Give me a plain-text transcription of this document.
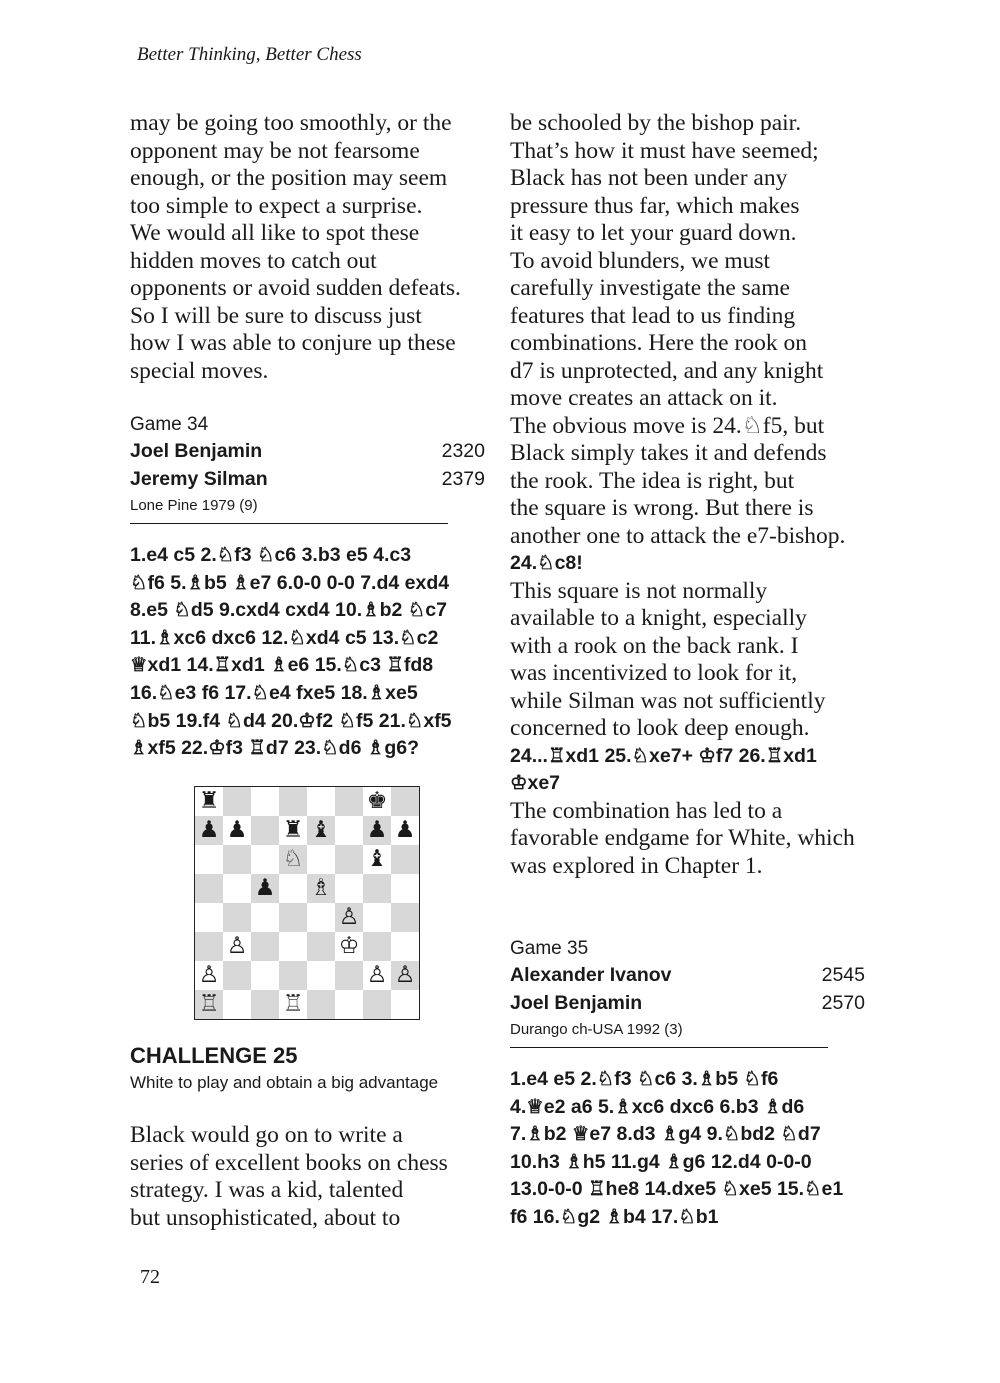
Better Thinking, Better Chess
may be going too smoothly, or the
opponent may be not fearsome
enough, or the position may seem
too simple to expect a surprise.
We would all like to spot these
hidden moves to catch out
opponents or avoid sudden defeats.
So I will be sure to discuss just
how I was able to conjure up these
special moves.
Game 34
Joel Benjamin	2320
Jeremy Silman	2379
Lone Pine 1979 (9)
1.e4 c5 2.♘f3 ♘c6 3.b3 e5 4.c3
♘f6 5.♗b5 ♗e7 6.0-0 0-0 7.d4 exd4
8.e5 ♘d5 9.cxd4 cxd4 10.♗b2 ♘c7
11.♗xc6 dxc6 12.♘xd4 c5 13.♘c2
♕xd1 14.♖xd1 ♗e6 15.♘c3 ♖fd8
16.♘e3 f6 17.♘e4 fxe5 18.♗xe5
♘b5 19.f4 ♘d4 20.♔f2 ♘f5 21.♘xf5
♗xf5 22.♔f3 ♖d7 23.♘d6 ♗g6?
♜	♚
♟ ♟ ♜ ♝ ♟ ♟
♘	♝
♟ ♗
♙
♙	♔
♙	♙ ♙
♖	♖
CHALLENGE 25
White to play and obtain a big advantage
Black would go on to write a
series of excellent books on chess
strategy. I was a kid, talented
but unsophisticated, about to
be schooled by the bishop pair.
That’s how it must have seemed;
Black has not been under any
pressure thus far, which makes
it easy to let your guard down.
To avoid blunders, we must
carefully investigate the same
features that lead to us finding
combinations. Here the rook on
d7 is unprotected, and any knight
move creates an attack on it.
The obvious move is 24.♘f5, but
Black simply takes it and defends
the rook. The idea is right, but
the square is wrong. But there is
another one to attack the e7-bishop.
24.♘c8!
This square is not normally
available to a knight, especially
with a rook on the back rank. I
was incentivized to look for it,
while Silman was not sufficiently
concerned to look deep enough.
24...♖xd1 25.♘xe7+ ♔f7 26.♖xd1
♔xe7
The combination has led to a
favorable endgame for White, which
was explored in Chapter 1.
Game 35
Alexander Ivanov	2545
Joel Benjamin	2570
Durango ch-USA 1992 (3)
1.e4 e5 2.♘f3 ♘c6 3.♗b5 ♘f6
4.♕e2 a6 5.♗xc6 dxc6 6.b3 ♗d6
7.♗b2 ♕e7 8.d3 ♗g4 9.♘bd2 ♘d7
10.h3 ♗h5 11.g4 ♗g6 12.d4 0-0-0
13.0-0-0 ♖he8 14.dxe5 ♘xe5 15.♘e1
f6 16.♘g2 ♗b4 17.♘b1
72
